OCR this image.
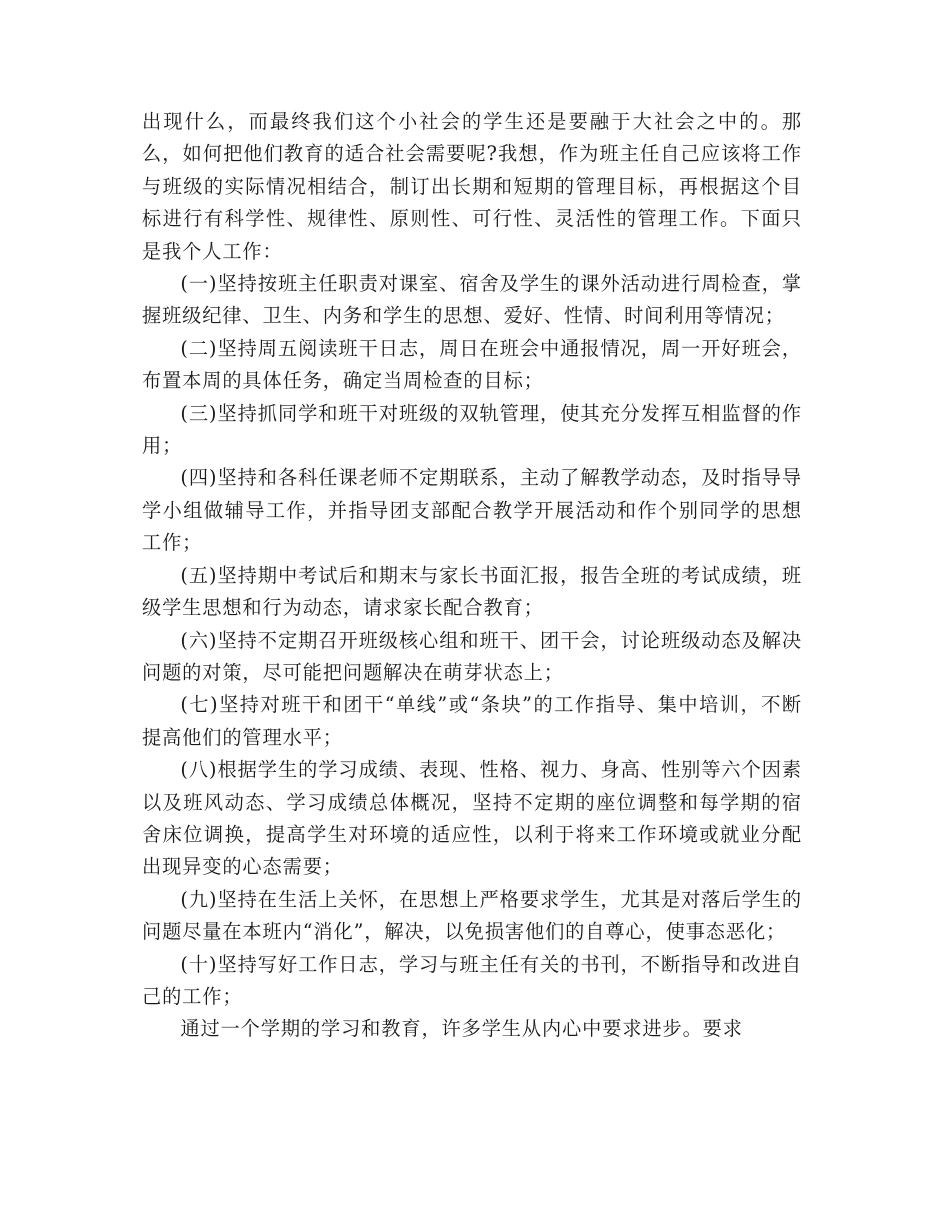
出现什么，而最终我们这个小社会的学生还是要融于大社会之中的。那么，如何把他们教育的适合社会需要呢?我想，作为班主任自己应该将工作与班级的实际情况相结合，制订出长期和短期的管理目标，再根据这个目标进行有科学性、规律性、原则性、可行性、灵活性的管理工作。下面只是我个人工作：

(一)坚持按班主任职责对课室、宿舍及学生的课外活动进行周检查，掌握班级纪律、卫生、内务和学生的思想、爱好、性情、时间利用等情况；

(二)坚持周五阅读班干日志，周日在班会中通报情况，周一开好班会，布置本周的具体任务，确定当周检查的目标；

(三)坚持抓同学和班干对班级的双轨管理，使其充分发挥互相监督的作用；

(四)坚持和各科任课老师不定期联系，主动了解教学动态，及时指导导学小组做辅导工作，并指导团支部配合教学开展活动和作个别同学的思想工作；

(五)坚持期中考试后和期末与家长书面汇报，报告全班的考试成绩，班级学生思想和行为动态，请求家长配合教育；

(六)坚持不定期召开班级核心组和班干、团干会，讨论班级动态及解决问题的对策，尽可能把问题解决在萌芽状态上；

(七)坚持对班干和团干“单线”或“条块”的工作指导、集中培训，不断提高他们的管理水平；

(八)根据学生的学习成绩、表现、性格、视力、身高、性别等六个因素以及班风动态、学习成绩总体概况，坚持不定期的座位调整和每学期的宿舍床位调换，提高学生对环境的适应性，以利于将来工作环境或就业分配出现异变的心态需要；

(九)坚持在生活上关怀，在思想上严格要求学生，尤其是对落后学生的问题尽量在本班内“消化”，解决，以免损害他们的自尊心，使事态恶化；

(十)坚持写好工作日志，学习与班主任有关的书刊，不断指导和改进自己的工作；

通过一个学期的学习和教育，许多学生从内心中要求进步。要求
